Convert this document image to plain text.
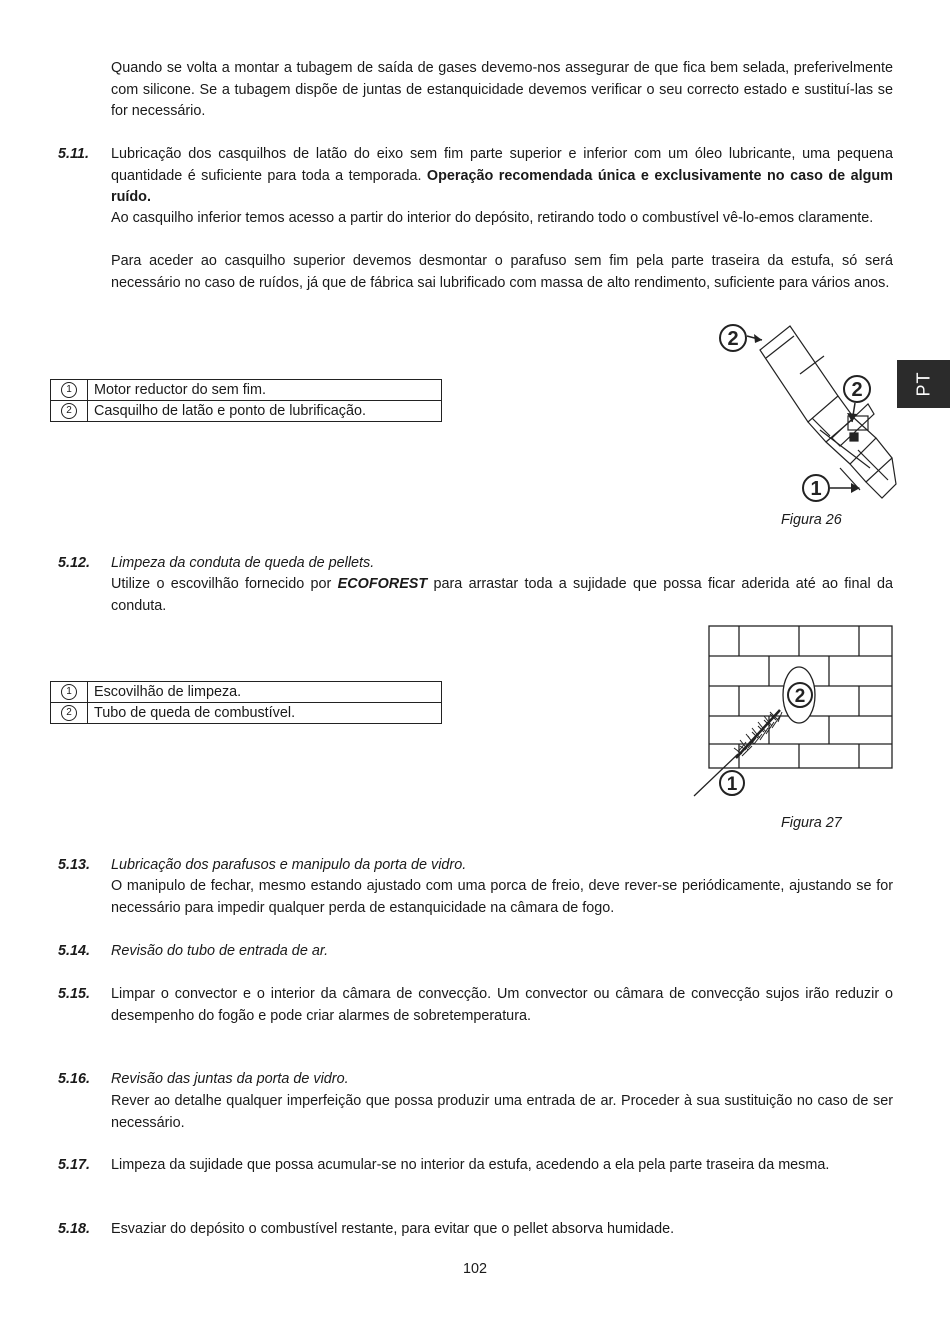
Quando se volta a montar a tubagem de saída de gases devemo-nos assegurar de que fica bem selada, preferivelmente com silicone. Se a tubagem dispõe de juntas de estanquicidade devemos verificar o seu correcto estado e sustituí-las se for necessário.
5.11. Lubricação dos casquilhos de latão do eixo sem fim parte superior e inferior com um óleo lubricante, uma pequena quantidade é suficiente para toda a temporada. Operação recomendada única e exclusivamente no caso de algum ruído.
Ao casquilho inferior temos acesso a partir do interior do depósito, retirando todo o combustível vê-lo-emos claramente.
Para aceder ao casquilho superior devemos desmontar o parafuso sem fim pela parte traseira da estufa, só será necessário no caso de ruídos, já que de fábrica sai lubrificado com massa de alto rendimento, suficiente para vários anos.
1	Motor reductor do sem fim.
2	Casquilho de latão e ponto de lubrificação.
2
2
1
Figura 26
PT
5.12. Limpeza da conduta de queda de pellets.
Utilize o escovilhão fornecido por ECOFOREST para arrastar toda a sujidade que possa ficar aderida até ao final da conduta.
1	Escovilhão de limpeza.
2	Tubo de queda de combustível.
2
1
Figura 27
5.13. Lubricação dos parafusos e manipulo da porta de vidro.
O manipulo de fechar, mesmo estando ajustado com uma porca de freio, deve rever-se periódicamente, ajustando se for necessário para impedir qualquer perda de estanquicidade na câmara de fogo.
5.14. Revisão do tubo de entrada de ar.
5.15. Limpar o convector e o interior da câmara de convecção. Um convector ou câmara de convecção sujos irão reduzir o desempenho do fogão e pode criar alarmes de sobretemperatura.
5.16. Revisão das juntas da porta de vidro.
Rever ao detalhe qualquer imperfeição que possa produzir uma entrada de ar. Proceder à sua sustituição no caso de ser necessário.
5.17. Limpeza da sujidade que possa acumular-se no interior da estufa, acedendo a ela pela parte traseira da mesma.
5.18. Esvaziar do depósito o combustível restante, para evitar que o pellet absorva humidade.
102
